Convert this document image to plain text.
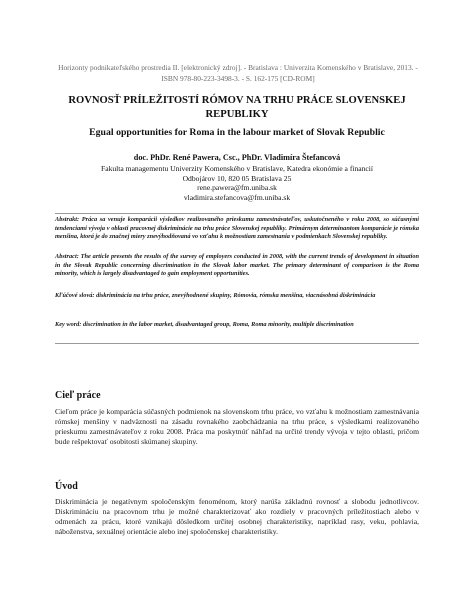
Horizonty podnikateľského prostredia II. [elektronický zdroj]. - Bratislava : Univerzita Komenského v Bratislave, 2013. - ISBN 978-80-223-3498-3. - S. 162-175 [CD-ROM]
ROVNOSŤ PRÍLEŽITOSTÍ RÓMOV NA TRHU PRÁCE SLOVENSKEJ REPUBLIKY
Egual opportunities for Roma in the labour market of Slovak Republic
doc. PhDr. René Pawera, Csc., PhDr. Vladimíra Štefancová
Fakulta managementu Univerzity Komenského v Bratislave, Katedra ekonómie a financií
Odbojárov 10, 820 05 Bratislava 25
rene.pawera@fm.uniba.sk
vladimira.stefancova@fm.uniba.sk
Abstrakt: Práca sa venuje komparácii výsledkov realizovaného prieskumu zamestnávateľov, uskutočneného v roku 2008, so súčasnými tendenciami vývoja v oblasti pracovnej diskriminácie na trhu práce Slovenskej republiky. Primárnym determinantom komparácie je rómska menšina, ktorá je do značnej miery znevýhodňovaná vo vzťahu k možnostiam zamestnania v podmienkach Slovenskej republiky.
Abstract: The article presents the results of the survey of employers conducted in 2008, with the current trends of development in situation in the Slovak Republic concerning discrimination in the Slovak labor market. The primary determinant of comparison is the Roma minority, which is largely disadvantaged to gain employment opportunities.
Kľúčové slová: diskriminácia na trhu práce, znevýhodnené skupiny, Rómovia, rómska menšina, viacnásobná diskriminácia
Key word: discrimination in the labor market, disadvantaged group, Roma, Roma minority, multiple discrimination
Cieľ práce
Cieľom práce je komparácia súčasných podmienok na slovenskom trhu práce, vo vzťahu k možnostiam zamestnávania rómskej menšiny v nadväznosti na zásadu rovnakého zaobchádzania na trhu práce, s výsledkami realizovaného prieskumu zamestnávateľov z roku 2008. Práca ma poskytnúť náhľad na určité trendy vývoja v tejto oblasti, pričom bude rešpektovať osobitosti skúmanej skupiny.
Úvod
Diskriminácia je negatívnym spoločenským fenoménom, ktorý narúša základnú rovnosť a slobodu jednotlivcov. Diskrimináciu na pracovnom trhu je možné charakterizovať ako rozdiely v pracovných príležitostiach alebo v odmenách za prácu, ktoré vznikajú dôsledkom určitej osobnej charakteristiky, napríklad rasy, veku, pohlavia, náboženstva, sexuálnej orientácie alebo inej spoločenskej charakteristiky.
